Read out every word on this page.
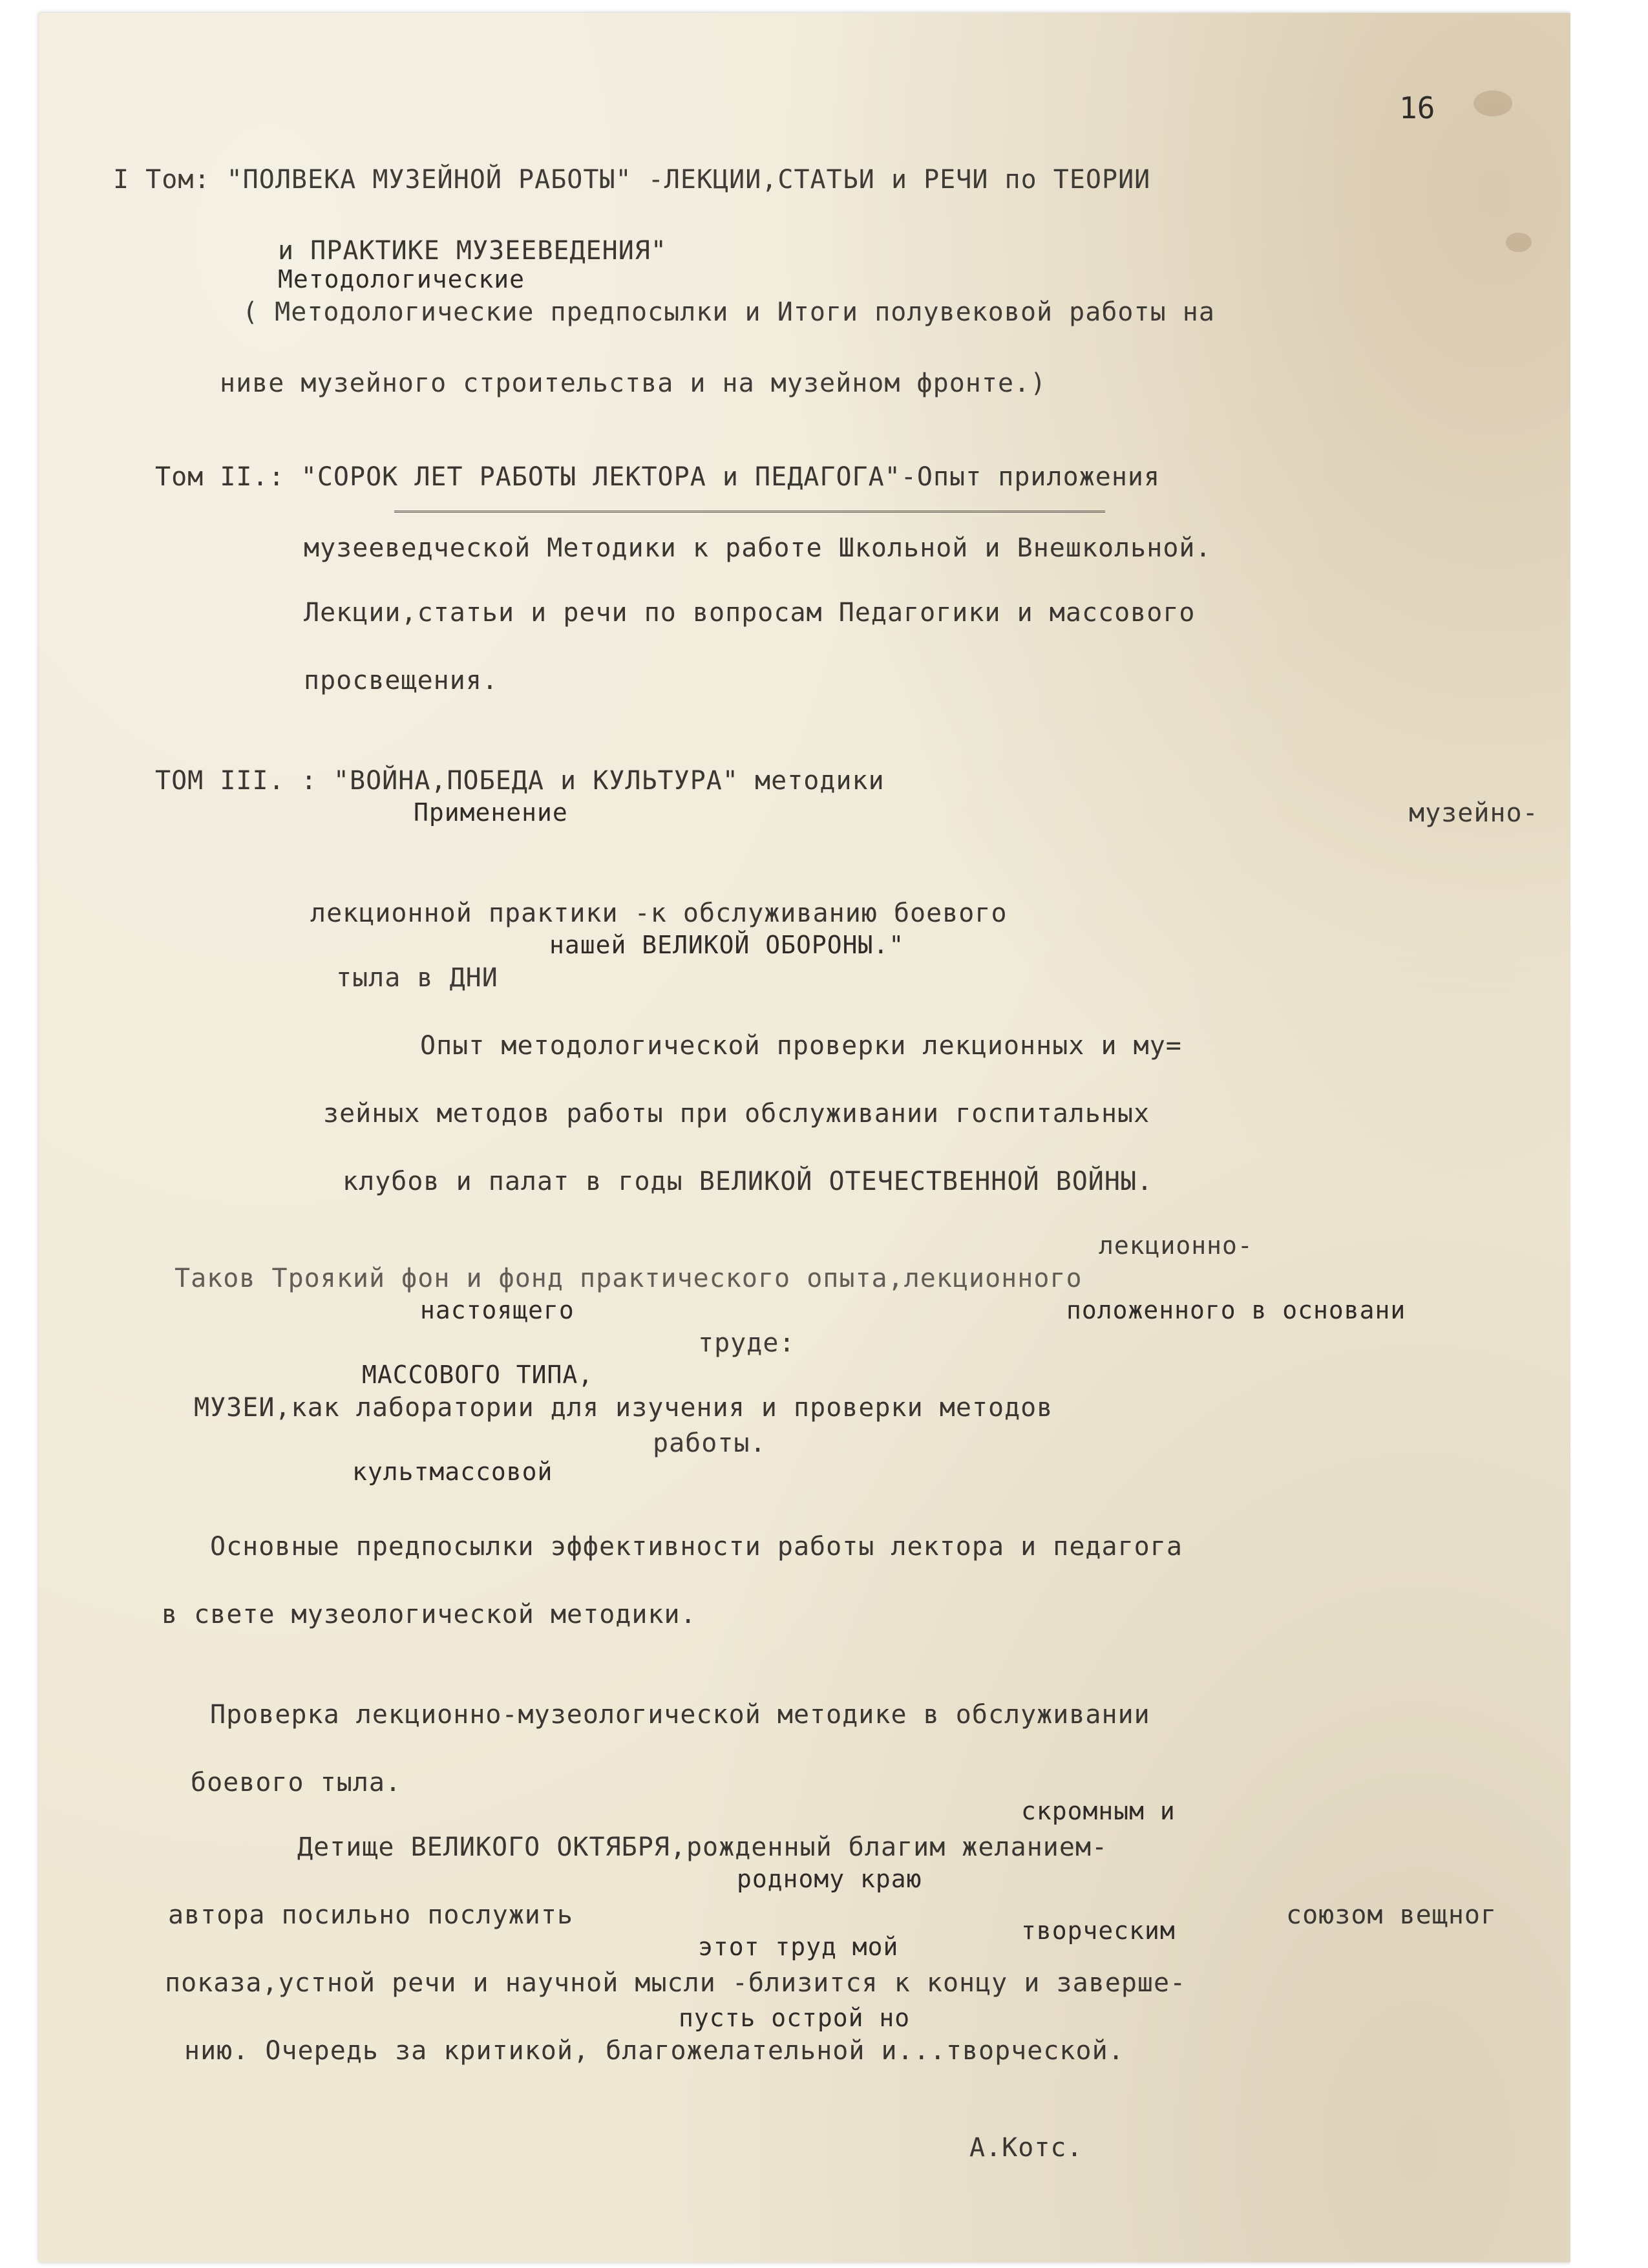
16
I Том: "ПОЛВЕКА МУЗЕЙНОЙ РАБОТЫ" -ЛЕКЦИИ,СТАТЬИ и РЕЧИ по ТЕОРИИ
и ПРАКТИКЕ МУЗЕЕВЕДЕНИЯ"
Методологические
( Методологические предпосылки и Итоги полувековой работы на
ниве музейного строительства и на музейном фронте.)
Том II.: "СОРОК ЛЕТ РАБОТЫ ЛЕКТОРА и ПЕДАГОГА"-Опыт приложения
музееведческой Методики к работе Школьной и Внешкольной.
Лекции,статьи и речи по вопросам Педагогики и массового
просвещения.
ТОМ III. : "ВОЙНА,ПОБЕДА и КУЛЬТУРА" методики
Применение	музейно-
лекционной практики -к обслуживанию боевого
нашей ВЕЛИКОЙ ОБОРОНЫ."
тыла в ДНИ
Опыт методологической проверки лекционных и му=
зейных методов работы при обслуживании госпитальных
клубов и палат в годы ВЕЛИКОЙ ОТЕЧЕСТВЕННОЙ ВОЙНЫ.
лекционно-
Таков Троякий фон и фонд практического опыта,лекционного
настоящего	положенного в основани
труде:
МАССОВОГО ТИПА,
МУЗЕИ,как лаборатории для изучения и проверки методов
работы.
культмассовой
Основные предпосылки эффективности работы лектора и педагога
в свете музеологической методики.
Проверка лекционно-музеологической методике в обслуживании
боевого тыла.
скромным и
Детище ВЕЛИКОГО ОКТЯБРЯ,рожденный благим желанием-
родному краю
автора посильно послужить	союзом вещног
творческим
этот труд мой
показа,устной речи и научной мысли -близится к концу и заверше-
пусть острой но
нию. Очередь за критикой, благожелательной и...творческой.
А.Котс.
